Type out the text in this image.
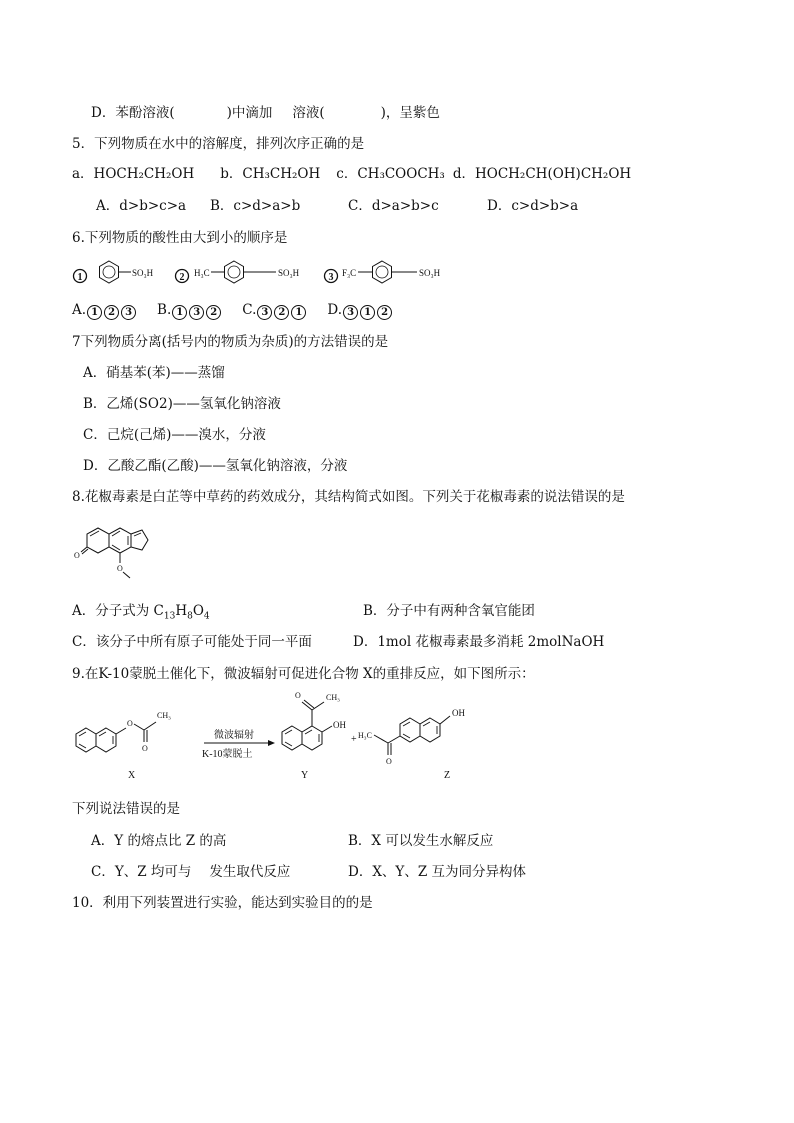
D．苯酚溶液(	)中滴加 溶液(	)，呈紫色
5．下列物质在水中的溶解度，排列次序正确的是
a．HOCH₂CH₂OH b．CH₃CH₂OH c．CH₃COOCH₃ d．HOCH₂CH(OH)CH₂OH
A．d>b>c>a B．c>d>a>b	C．d>a>b>c	D．c>d>b>a
6.下列物质的酸性由大到小的顺序是
1	SO₃H	2 H₃C	SO₃H	3 F₃C	SO₃H
A. 1 2 3 B. 1 3 2 C. 3 2 1 D. 3 1 2
7下列物质分离(括号内的物质为杂质)的方法错误的是
A．硝基苯(苯)——蒸馏
B．乙烯(SO2)——氢氧化钠溶液
C．己烷(己烯)——溴水，分液
D．乙酸乙酯(乙酸)——氢氧化钠溶液，分液
8.花椒毒素是白芷等中草药的药效成分，其结构简式如图。下列关于花椒毒素的说法错误的是
O
O
A．分子式为 $C_{13}H_8O_4$	B．分子中有两种含氧官能团
C．该分子中所有原子可能处于同一平面	D．1mol 花椒毒素最多消耗 2molNaOH
9.在K-10蒙脱土催化下，微波辐射可促进化合物 X的重排反应，如下图所示：
O
CH₃
O
X
微波辐射
K-10蒙脱土
O	CH₃
OH
Y
+ H₃C
O
OH
Z
下列说法错误的是
A．Y 的熔点比 Z 的高	B．X 可以发生水解反应
C．Y、Z 均可与 发生取代反应	D．X、Y、Z 互为同分异构体
10．利用下列装置进行实验，能达到实验目的的是
